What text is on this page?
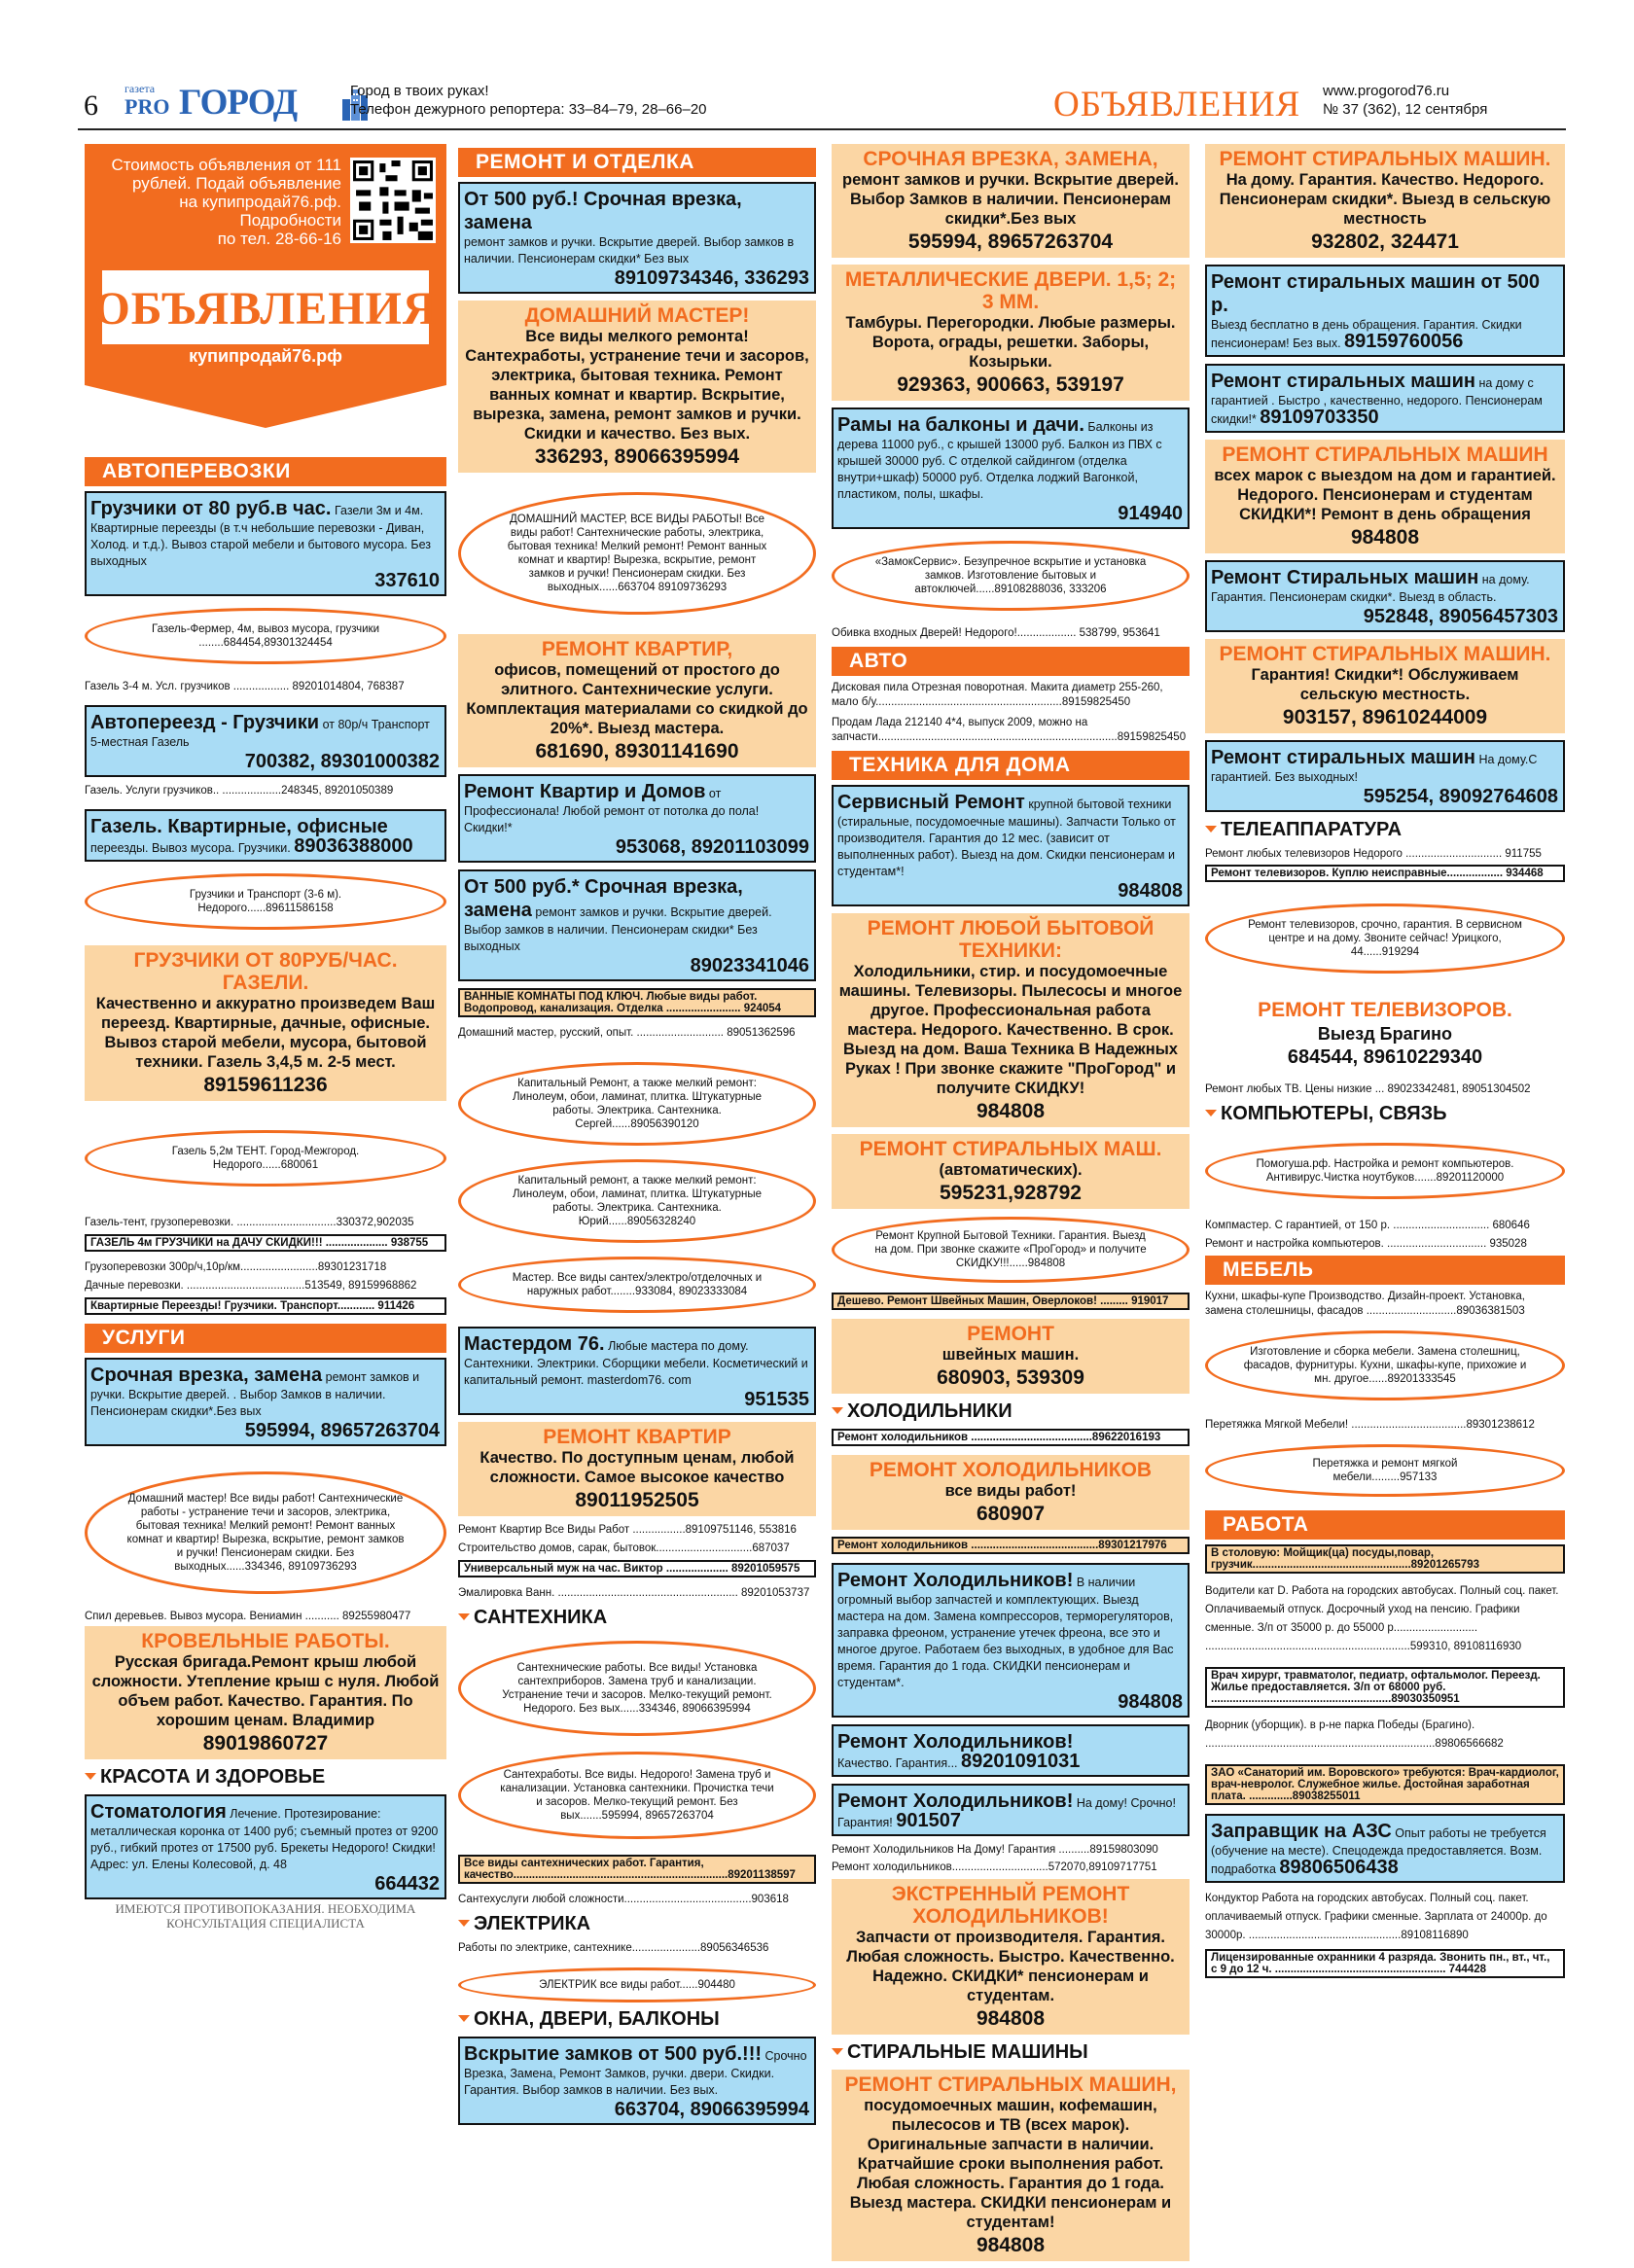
6
газета
PRO ГОРОД	Город в твоих руках!
Телефон дежурного репортера: 33–84–79, 28–66–20	ОБЪЯВЛЕНИЯ www.progorod76.ru
№ 37 (362), 12 сентября
Стоимость объявления от 111
рублей. Подай объявление
на купипродай76.рф.
Подробности
по тел. 28-66-16
ОБЪЯВЛЕНИЯ
купипродай76.рф
АВТОПЕРЕВОЗКИ
Грузчики от 80 руб.в час. Газели 3м и 4м. Квартирные переезды (в т.ч небольшие перевозки - Диван, Холод. и т.д.). Вывоз старой мебели и бытового мусора. Без выходных
337610
Газель-Фермер, 4м, вывоз мусора, грузчики
........684454,89301324454
Газель 3-4 м. Усл. грузчиков .................. 89201014804, 768387
Автопереезд - Грузчики от 80р/ч Транспорт 5-местная Газель
700382, 89301000382
Газель. Услуги грузчиков.. ...................248345, 89201050389
Газель. Квартирные, офисные
переезды. Вывоз мусора. Грузчики. 89036388000
Грузчики и Транспорт (3-6 м).
Недорого......89611586158
ГРУЗЧИКИ ОТ 80РУБ/ЧАС. ГАЗЕЛИ.
Качественно и аккуратно произведем Ваш переезд. Квартирные, дачные, офисные. Вывоз старой мебели, мусора, бытовой техники. Газель 3,4,5 м. 2-5 мест.
89159611236
Газель 5,2м ТЕНТ. Город-Межгород.
Недорого......680061
Газель-тент, грузоперевозки. ................................330372,902035
ГАЗЕЛЬ 4м ГРУЗЧИКИ на ДАЧУ СКИДКИ!!! .................... 938755
Грузоперевозки 300р/ч,10р/км.........................89301231718
Дачные перевозки. ......................................513549, 89159968862
Квартирные Переезды! Грузчики. Транспорт............ 911426
УСЛУГИ
Срочная врезка, замена ремонт замков и ручки. Вскрытие дверей. . Выбор Замков в наличии. Пенсионерам скидки*.Без вых
595994, 89657263704
Домашний мастер! Все виды работ! Сантехнические работы - устранение течи и засоров, электрика, бытовая техника! Мелкий ремонт! Ремонт ванных комнат и квартир! Вырезка, вскрытие, ремонт замков и ручки! Пенсионерам скидки. Без выходных......334346, 89109736293
Спил деревьев. Вывоз мусора. Вениамин ........... 89255980477
КРОВЕЛЬНЫЕ РАБОТЫ.
Русская бригада.Ремонт крыш любой сложности. Утепление крыш с нуля. Любой объем работ. Качество. Гарантия. По хорошим ценам. Владимир
89019860727
КРАСОТА И ЗДОРОВЬЕ
Стоматология Лечение. Протезирование: металлическая коронка от 1400 руб; съемный протез от 9200 руб., гибкий протез от 17500 руб. Брекеты Недорого! Скидки! Адрес: ул. Елены Колесовой, д. 48
664432
ИМЕЮТСЯ ПРОТИВОПОКАЗАНИЯ. НЕОБХОДИМА
КОНСУЛЬТАЦИЯ СПЕЦИАЛИСТА
РЕМОНТ И ОТДЕЛКА
От 500 руб.! Срочная врезка, замена
ремонт замков и ручки. Вскрытие дверей. Выбор замков в наличии. Пенсионерам скидки* Без вых
89109734346, 336293
ДОМАШНИЙ МАСТЕР!
Все виды мелкого ремонта! Сантехработы, устранение течи и засоров, электрика, бытовая техника. Ремонт ванных комнат и квартир. Вскрытие, вырезка, замена, ремонт замков и ручки. Скидки и качество. Без вых.
336293, 89066395994
ДОМАШНИЙ МАСТЕР, ВСЕ ВИДЫ РАБОТЫ! Все виды работ! Сантехнические работы, электрика, бытовая техника! Мелкий ремонт! Ремонт ванных комнат и квартир! Вырезка, вскрытие, ремонт замков и ручки! Пенсионерам скидки. Без выходных......663704 89109736293
РЕМОНТ КВАРТИР,
офисов, помещений от простого до элитного. Сантехнические услуги. Комплектация материалами со скидкой до 20%*. Выезд мастера.
681690, 89301141690
Ремонт Квартир и Домов от Профессионала! Любой ремонт от потолка до пола! Скидки!*
953068, 89201103099
От 500 руб.* Срочная врезка, замена ремонт замков и ручки. Вскрытие дверей. Выбор замков в наличии. Пенсионерам скидки* Без выходных
89023341046
ВАННЫЕ КОМНАТЫ ПОД КЛЮЧ. Любые виды работ. Водопровод, канализация. Отделка ........................ 924054
Домашний мастер, русский, опыт. ............................ 89051362596
Капитальный Ремонт, а также мелкий ремонт: Линолеум, обои, ламинат, плитка. Штукатурные работы. Электрика. Сантехника. Сергей......89056390120
Капитальный ремонт, а также мелкий ремонт: Линолеум, обои, ламинат, плитка. Штукатурные работы. Электрика. Сантехника. Юрий......89056328240
Мастер. Все виды сантех/электро/отделочных и наружных работ........933084, 89023333084
Мастердом 76. Любые мастера по дому. Сантехники. Электрики. Сборщики мебели. Косметический и капитальный ремонт. masterdom76. com
951535
РЕМОНТ КВАРТИР
Качество. По доступным ценам, любой сложности. Самое высокое качество
89011952505
Ремонт Квартир Все Виды Работ .................89109751146, 553816
Строительство домов, сарак, бытовок...............................687037
Универсальный муж на час. Виктор .................... 89201059575
Эмалировка Ванн. .......................................................... 89201053737
САНТЕХНИКА
Сантехнические работы. Все виды! Установка сантехприборов. Замена труб и канализации. Устранение течи и засоров. Мелко-текущий ремонт. Недорого. Без вых......334346, 89066395994
Сантехработы. Все виды. Недорого! Замена труб и канализации. Установка сантехники. Прочистка течи и засоров. Мелко-текущий ремонт. Без вых.......595994, 89657263704
Все виды сантехнических работ. Гарантия, качество.....................................................................89201138597
Сантехуслуги любой сложности.........................................903618
ЭЛЕКТРИКА
Работы по электрике, сантехнике......................89056346536
ЭЛЕКТРИК все виды работ......904480
ОКНА, ДВЕРИ, БАЛКОНЫ
Вскрытие замков от 500 руб.!!! Срочно Врезка, Замена, Ремонт Замков, ручки. двери. Скидки. Гарантия. Выбор замков в наличии. Без вых.
663704, 89066395994
СРОЧНАЯ ВРЕЗКА, ЗАМЕНА,
ремонт замков и ручки. Вскрытие дверей. Выбор Замков в наличии. Пенсионерам скидки*.Без вых
595994, 89657263704
МЕТАЛЛИЧЕСКИЕ ДВЕРИ. 1,5; 2; 3 ММ.
Тамбуры. Перегородки. Любые размеры. Ворота, ограды, решетки. Заборы, Козырьки.
929363, 900663, 539197
Рамы на балконы и дачи. Балконы из дерева 11000 руб., с крышей 13000 руб. Балкон из ПВХ с крышей 30000 руб. С отделкой сайдингом (отделка внутри+шкаф) 50000 руб. Отделка лоджий Вагонкой, пластиком, полы, шкафы.
914940
«ЗамокСервис». Безупречное вскрытие и установка замков. Изготовление бытовых и автоключей......89108288036, 333206
Обивка входных Дверей! Недорого!................... 538799, 953641
АВТО
Дисковая пила Отрезная поворотная. Макита диаметр 255-260, мало б/у............................................................89159825450
Продам Лада 212140 4*4, выпуск 2009, можно на запчасти.............................................................................89159825450
ТЕХНИКА ДЛЯ ДОМА
Сервисный Ремонт крупной бытовой техники (стиральные, посудомоечные машины). Запчасти Только от производителя. Гарантия до 12 мес. (зависит от выполненных работ). Выезд на дом. Скидки пенсионерам и студентам*!
984808
РЕМОНТ ЛЮБОЙ БЫТОВОЙ ТЕХНИКИ:
Холодильники, стир. и посудомоечные машины. Телевизоры. Пылесосы и многое другое. Профессиональная работа мастера. Недорого. Качественно. В срок. Выезд на дом. Ваша Техника В Надежных Руках ! При звонке скажите "ПроГород" и получите СКИДКУ!
984808
РЕМОНТ СТИРАЛЬНЫХ МАШ.
(автоматических).
595231,928792
Ремонт Крупной Бытовой Техники. Гарантия. Выезд на дом. При звонке скажите «ПроГород» и получите СКИДКУ!!!......984808
Дешево. Ремонт Швейных Машин, Оверлоков! ......... 919017
РЕМОНТ
швейных машин.
680903, 539309
ХОЛОДИЛЬНИКИ
Ремонт холодильников .......................................89622016193
РЕМОНТ ХОЛОДИЛЬНИКОВ
все виды работ!
680907
Ремонт холодильников .........................................89301217976
Ремонт Холодильников! В наличии огромный выбор запчастей и комплектующих. Выезд мастера на дом. Замена компрессоров, терморегуляторов, заправка фреоном, устранение утечек фреона, все это и многое другое. Работаем без выходных, в удобное для Вас время. Гарантия до 1 года. СКИДКИ пенсионерам и студентам*.
984808
Ремонт Холодильников!
Качество. Гарантия... 89201091031
Ремонт Холодильников! На дому! Срочно! Гарантия! 901507
Ремонт Холодильников На Дому! Гарантия ..........89159803090
Ремонт холодильников...............................572070,89109717751
ЭКСТРЕННЫЙ РЕМОНТ ХОЛОДИЛЬНИКОВ!
Запчасти от производителя. Гарантия. Любая сложность. Быстро. Качественно. Надежно. СКИДКИ* пенсионерам и студентам.
984808
СТИРАЛЬНЫЕ МАШИНЫ
РЕМОНТ СТИРАЛЬНЫХ МАШИН,
посудомоечных машин, кофемашин, пылесосов и ТВ (всех марок). Оригинальные запчасти в наличии. Кратчайшие сроки выполнения работ. Любая сложность. Гарантия до 1 года. Выезд мастера. СКИДКИ пенсионерам и студентам!
984808
РЕМОНТ СТИРАЛЬНЫХ МАШИН.
На дому. Гарантия. Качество. Недорого. Пенсионерам скидки*. Выезд в сельскую местность
932802, 324471
Ремонт стиральных машин от 500 р.
Выезд бесплатно в день обращения. Гарантия. Скидки пенсионерам! Без вых. 89159760056
Ремонт стиральных машин на дому с гарантией . Быстро , качественно, недорого. Пенсионерам скидки!* 89109703350
РЕМОНТ СТИРАЛЬНЫХ МАШИН
всех марок с выездом на дом и гарантией. Недорого. Пенсионерам и студентам СКИДКИ*! Ремонт в день обращения
984808
Ремонт Стиральных машин на дому. Гарантия. Пенсионерам скидки*. Выезд в область.
952848, 89056457303
РЕМОНТ СТИРАЛЬНЫХ МАШИН.
Гарантия! Скидки*! Обслуживаем сельскую местность.
903157, 89610244009
Ремонт стиральных машин На дому.С гарантией. Без выходных!
595254, 89092764608
ТЕЛЕАППАРАТУРА
Ремонт любых телевизоров Недорого ............................... 911755
Ремонт телевизоров. Куплю неисправные.................. 934468
Ремонт телевизоров, срочно, гарантия. В сервисном центре и на дому. Звоните сейчас! Урицкого, 44......919294
РЕМОНТ ТЕЛЕВИЗОРОВ.
Выезд Брагино
684544, 89610229340
Ремонт любых ТВ. Цены низкие ... 89023342481, 89051304502
КОМПЬЮТЕРЫ, СВЯЗЬ
Помогуша.рф. Настройка и ремонт компьютеров. Антивирус.Чистка ноутбуков.......89201120000
Компмастер. С гарантией, от 150 р. ............................... 680646
Ремонт и настройка компьютеров. ................................ 935028
МЕБЕЛЬ
Кухни, шкафы-купе Производство. Дизайн-проект. Установка, замена столешницы, фасадов .............................89036381503
Изготовление и сборка мебели. Замена столешниц, фасадов, фурнитуры. Кухни, шкафы-купе, прихожие и мн. другое......89201333545
Перетяжка Мягкой Мебели! .....................................89301238612
Перетяжка и ремонт мягкой мебели.........957133
РАБОТА
В столовую: Мойщик(ца) посуды,повар, грузчик...................................................89201265793
Водители кат D. Работа на городских автобусах. Полный соц. пакет. Оплачиваемый отпуск. Досрочный уход на пенсию. Графики сменные. З/п от 35000 р. до 55000 р........................... ..................................................................599310, 89108116930
Врач хирург, травматолог, педиатр, офтальмолог. Переезд. Жилье предоставляется. З/п от 68000 руб. ..........................................................89030350951
Дворник (уборщик). в р-не парка Победы (Брагино). ..........................................................................89806566682
ЗАО «Санаторий им. Воровского» требуются: Врач-кардиолог, врач-невролог. Служебное жилье. Достойная заработная плата. ..............89038255011
Заправщик на АЗС Опыт работы не требуется (обучение на месте). Спецодежда предоставляется. Возм. подработка 89806506438
Кондуктор Работа на городских автобусах. Полный соц. пакет. оплачиваемый отпуск. Графики сменные. Зарплата от 24000р. до 30000р. .................................................89108116890
Лицензированные охранники 4 разряда. Звонить пн., вт., чт., с 9 до 12 ч. ....................................................... 744428
